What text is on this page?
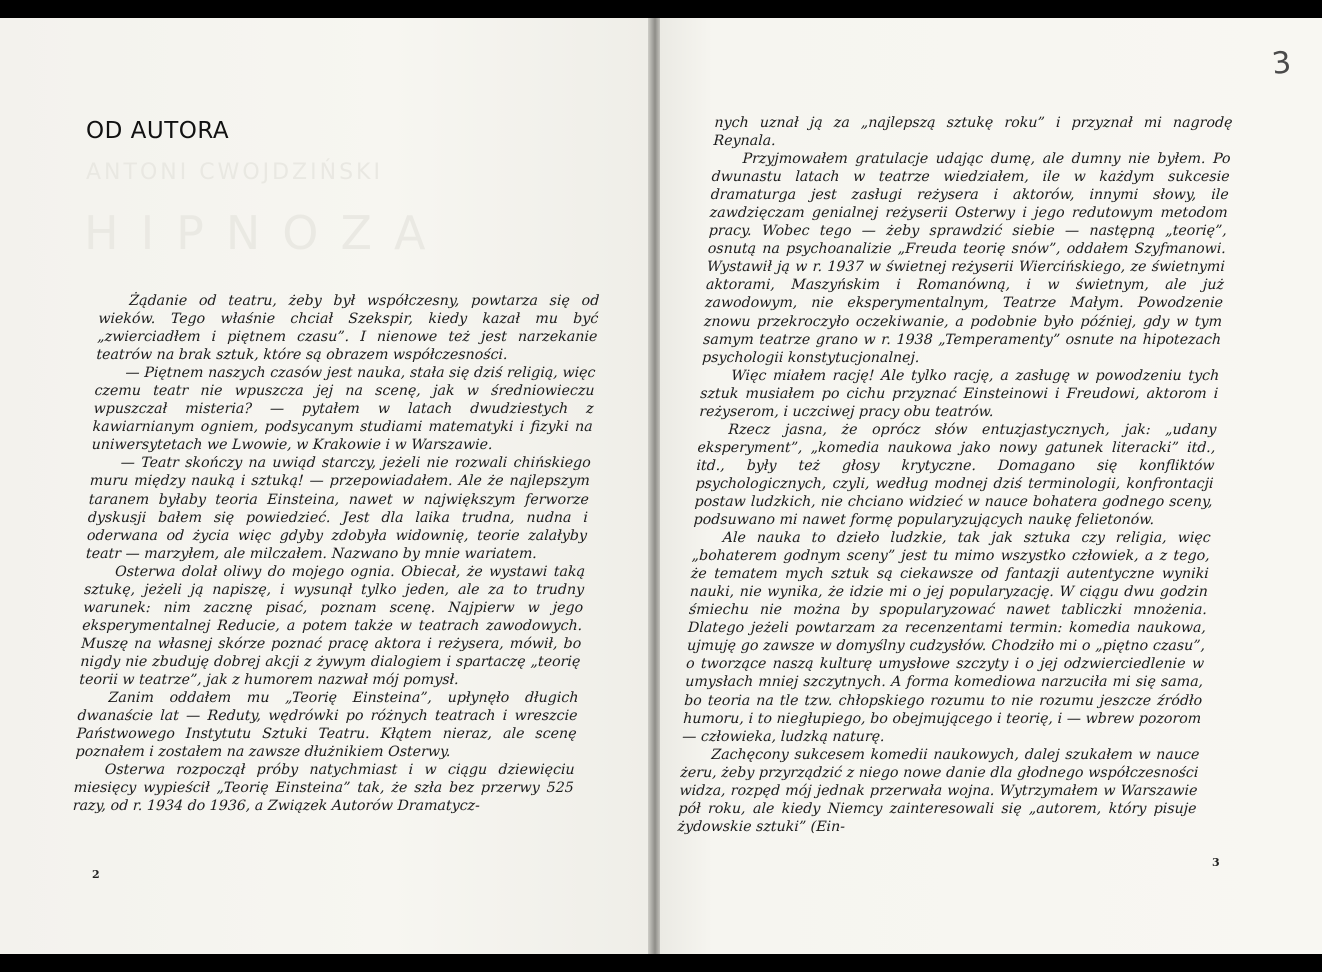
ANTONI CWOJDZIŃSKI
HIPNOZA
OD AUTORA

Żądanie od teatru, żeby był współczesny, powtarza się od wieków. Tego właśnie chciał Szekspir, kiedy kazał mu być „zwierciadłem i piętnem czasu”. I nienowe też jest narzekanie teatrów na brak sztuk, które są obrazem współczesności.

— Piętnem naszych czasów jest nauka, stała się dziś religią, więc czemu teatr nie wpuszcza jej na scenę, jak w średniowieczu wpuszczał misteria? — pytałem w latach dwudziestych z kawiarnianym ogniem, podsycanym studiami matematyki i fizyki na uniwersytetach we Lwowie, w Krakowie i w Warszawie.

— Teatr skończy na uwiąd starczy, jeżeli nie rozwali chińskiego muru między nauką i sztuką! — przepowiadałem. Ale że najlepszym taranem byłaby teoria Einsteina, nawet w największym ferworze dyskusji bałem się powiedzieć. Jest dla laika trudna, nudna i oderwana od życia więc gdyby zdobyła widownię, teorie zalałyby teatr — marzyłem, ale milczałem. Nazwano by mnie wariatem.

Osterwa dolał oliwy do mojego ognia. Obiecał, że wystawi taką sztukę, jeżeli ją napiszę, i wysunął tylko jeden, ale za to trudny warunek: nim zacznę pisać, poznam scenę. Najpierw w jego eksperymentalnej Reducie, a potem także w teatrach zawodowych. Muszę na własnej skórze poznać pracę aktora i reżysera, mówił, bo nigdy nie zbuduję dobrej akcji z żywym dialogiem i spartaczę „teorię teorii w teatrze”, jak z humorem nazwał mój pomysł.

Zanim oddałem mu „Teorię Einsteina”, upłynęło długich dwanaście lat — Reduty, wędrówki po różnych teatrach i wreszcie Państwowego Instytutu Sztuki Teatru. Kłątem nieraz, ale scenę poznałem i zostałem na zawsze dłużnikiem Osterwy.

Osterwa rozpoczął próby natychmiast i w ciągu dziewięciu miesięcy wypieścił „Teorię Einsteina” tak, że szła bez przerwy 525 razy, od r. 1934 do 1936, a Związek Autorów Dramatycz-

2
3

nych uznał ją za „najlepszą sztukę roku” i przyznał mi nagrodę Reynala.

Przyjmowałem gratulacje udając dumę, ale dumny nie byłem. Po dwunastu latach w teatrze wiedziałem, ile w każdym sukcesie dramaturga jest zasługi reżysera i aktorów, innymi słowy, ile zawdzięczam genialnej reżyserii Osterwy i jego redutowym metodom pracy. Wobec tego — żeby sprawdzić siebie — następną „teorię”, osnutą na psychoanalizie „Freuda teorię snów”, oddałem Szyfmanowi. Wystawił ją w r. 1937 w świetnej reżyserii Wiercińskiego, ze świetnymi aktorami, Maszyńskim i Romanówną, i w świetnym, ale już zawodowym, nie eksperymentalnym, Teatrze Małym. Powodzenie znowu przekroczyło oczekiwanie, a podobnie było później, gdy w tym samym teatrze grano w r. 1938 „Temperamenty” osnute na hipotezach psychologii konstytucjonalnej.

Więc miałem rację! Ale tylko rację, a zasługę w powodzeniu tych sztuk musiałem po cichu przyznać Einsteinowi i Freudowi, aktorom i reżyserom, i uczciwej pracy obu teatrów.

Rzecz jasna, że oprócz słów entuzjastycznych, jak: „udany eksperyment”, „komedia naukowa jako nowy gatunek literacki” itd., itd., były też głosy krytyczne. Domagano się konfliktów psychologicznych, czyli, według modnej dziś terminologii, konfrontacji postaw ludzkich, nie chciano widzieć w nauce bohatera godnego sceny, podsuwano mi nawet formę popularyzujących naukę felietonów.

Ale nauka to dzieło ludzkie, tak jak sztuka czy religia, więc „bohaterem godnym sceny” jest tu mimo wszystko człowiek, a z tego, że tematem mych sztuk są ciekawsze od fantazji autentyczne wyniki nauki, nie wynika, że idzie mi o jej popularyzację. W ciągu dwu godzin śmiechu nie można by spopularyzować nawet tabliczki mnożenia. Dlatego jeżeli powtarzam za recenzentami termin: komedia naukowa, ujmuję go zawsze w domyślny cudzysłów. Chodziło mi o „piętno czasu”, o tworzące naszą kulturę umysłowe szczyty i o jej odzwierciedlenie w umysłach mniej szczytnych. A forma komediowa narzuciła mi się sama, bo teoria na tle tzw. chłopskiego rozumu to nie rozumu jeszcze źródło humoru, i to niegłupiego, bo obejmującego i teorię, i — wbrew pozorom — człowieka, ludzką naturę.

Zachęcony sukcesem komedii naukowych, dalej szukałem w nauce żeru, żeby przyrządzić z niego nowe danie dla głodnego współczesności widza, rozpęd mój jednak przerwała wojna. Wytrzymałem w Warszawie pół roku, ale kiedy Niemcy zainteresowali się „autorem, który pisuje żydowskie sztuki” (Ein-

3
